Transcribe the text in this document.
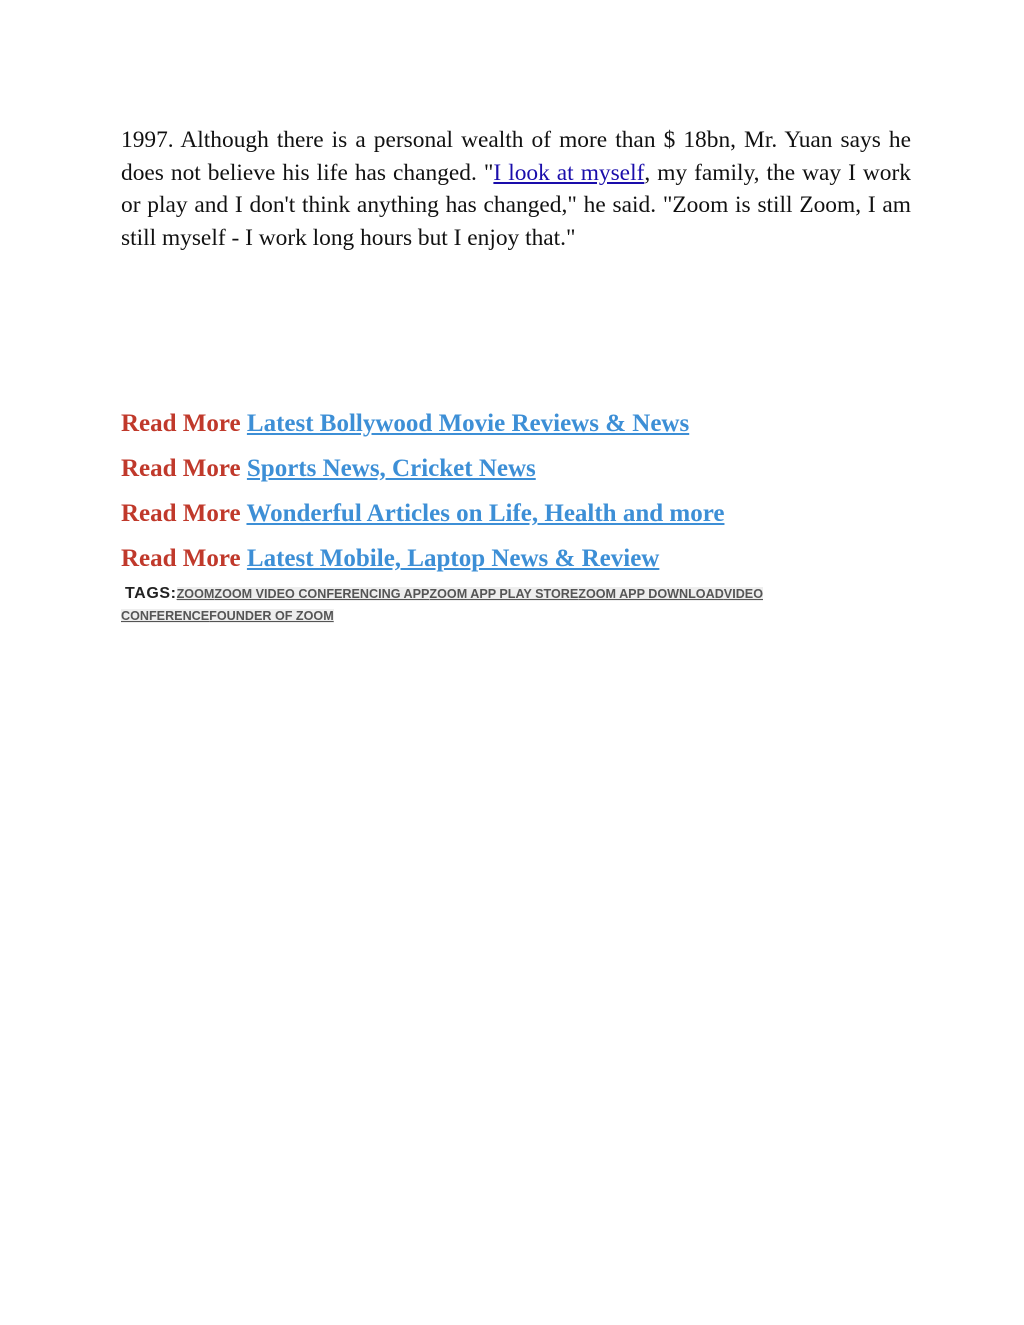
1997. Although there is a personal wealth of more than $ 18bn, Mr. Yuan says he does not believe his life has changed. "I look at myself, my family, the way I work or play and I don't think anything has changed," he said. "Zoom is still Zoom, I am still myself - I work long hours but I enjoy that."

Read More Latest Bollywood Movie Reviews & News
Read More Sports News, Cricket News
Read More Wonderful Articles on Life, Health and more
Read More Latest Mobile, Laptop News & Review
TAGS:ZOOMZOOM VIDEO CONFERENCING APPZOOM APP PLAY STOREZOOM APP DOWNLOADVIDEO CONFERENCEFOUNDER OF ZOOM
